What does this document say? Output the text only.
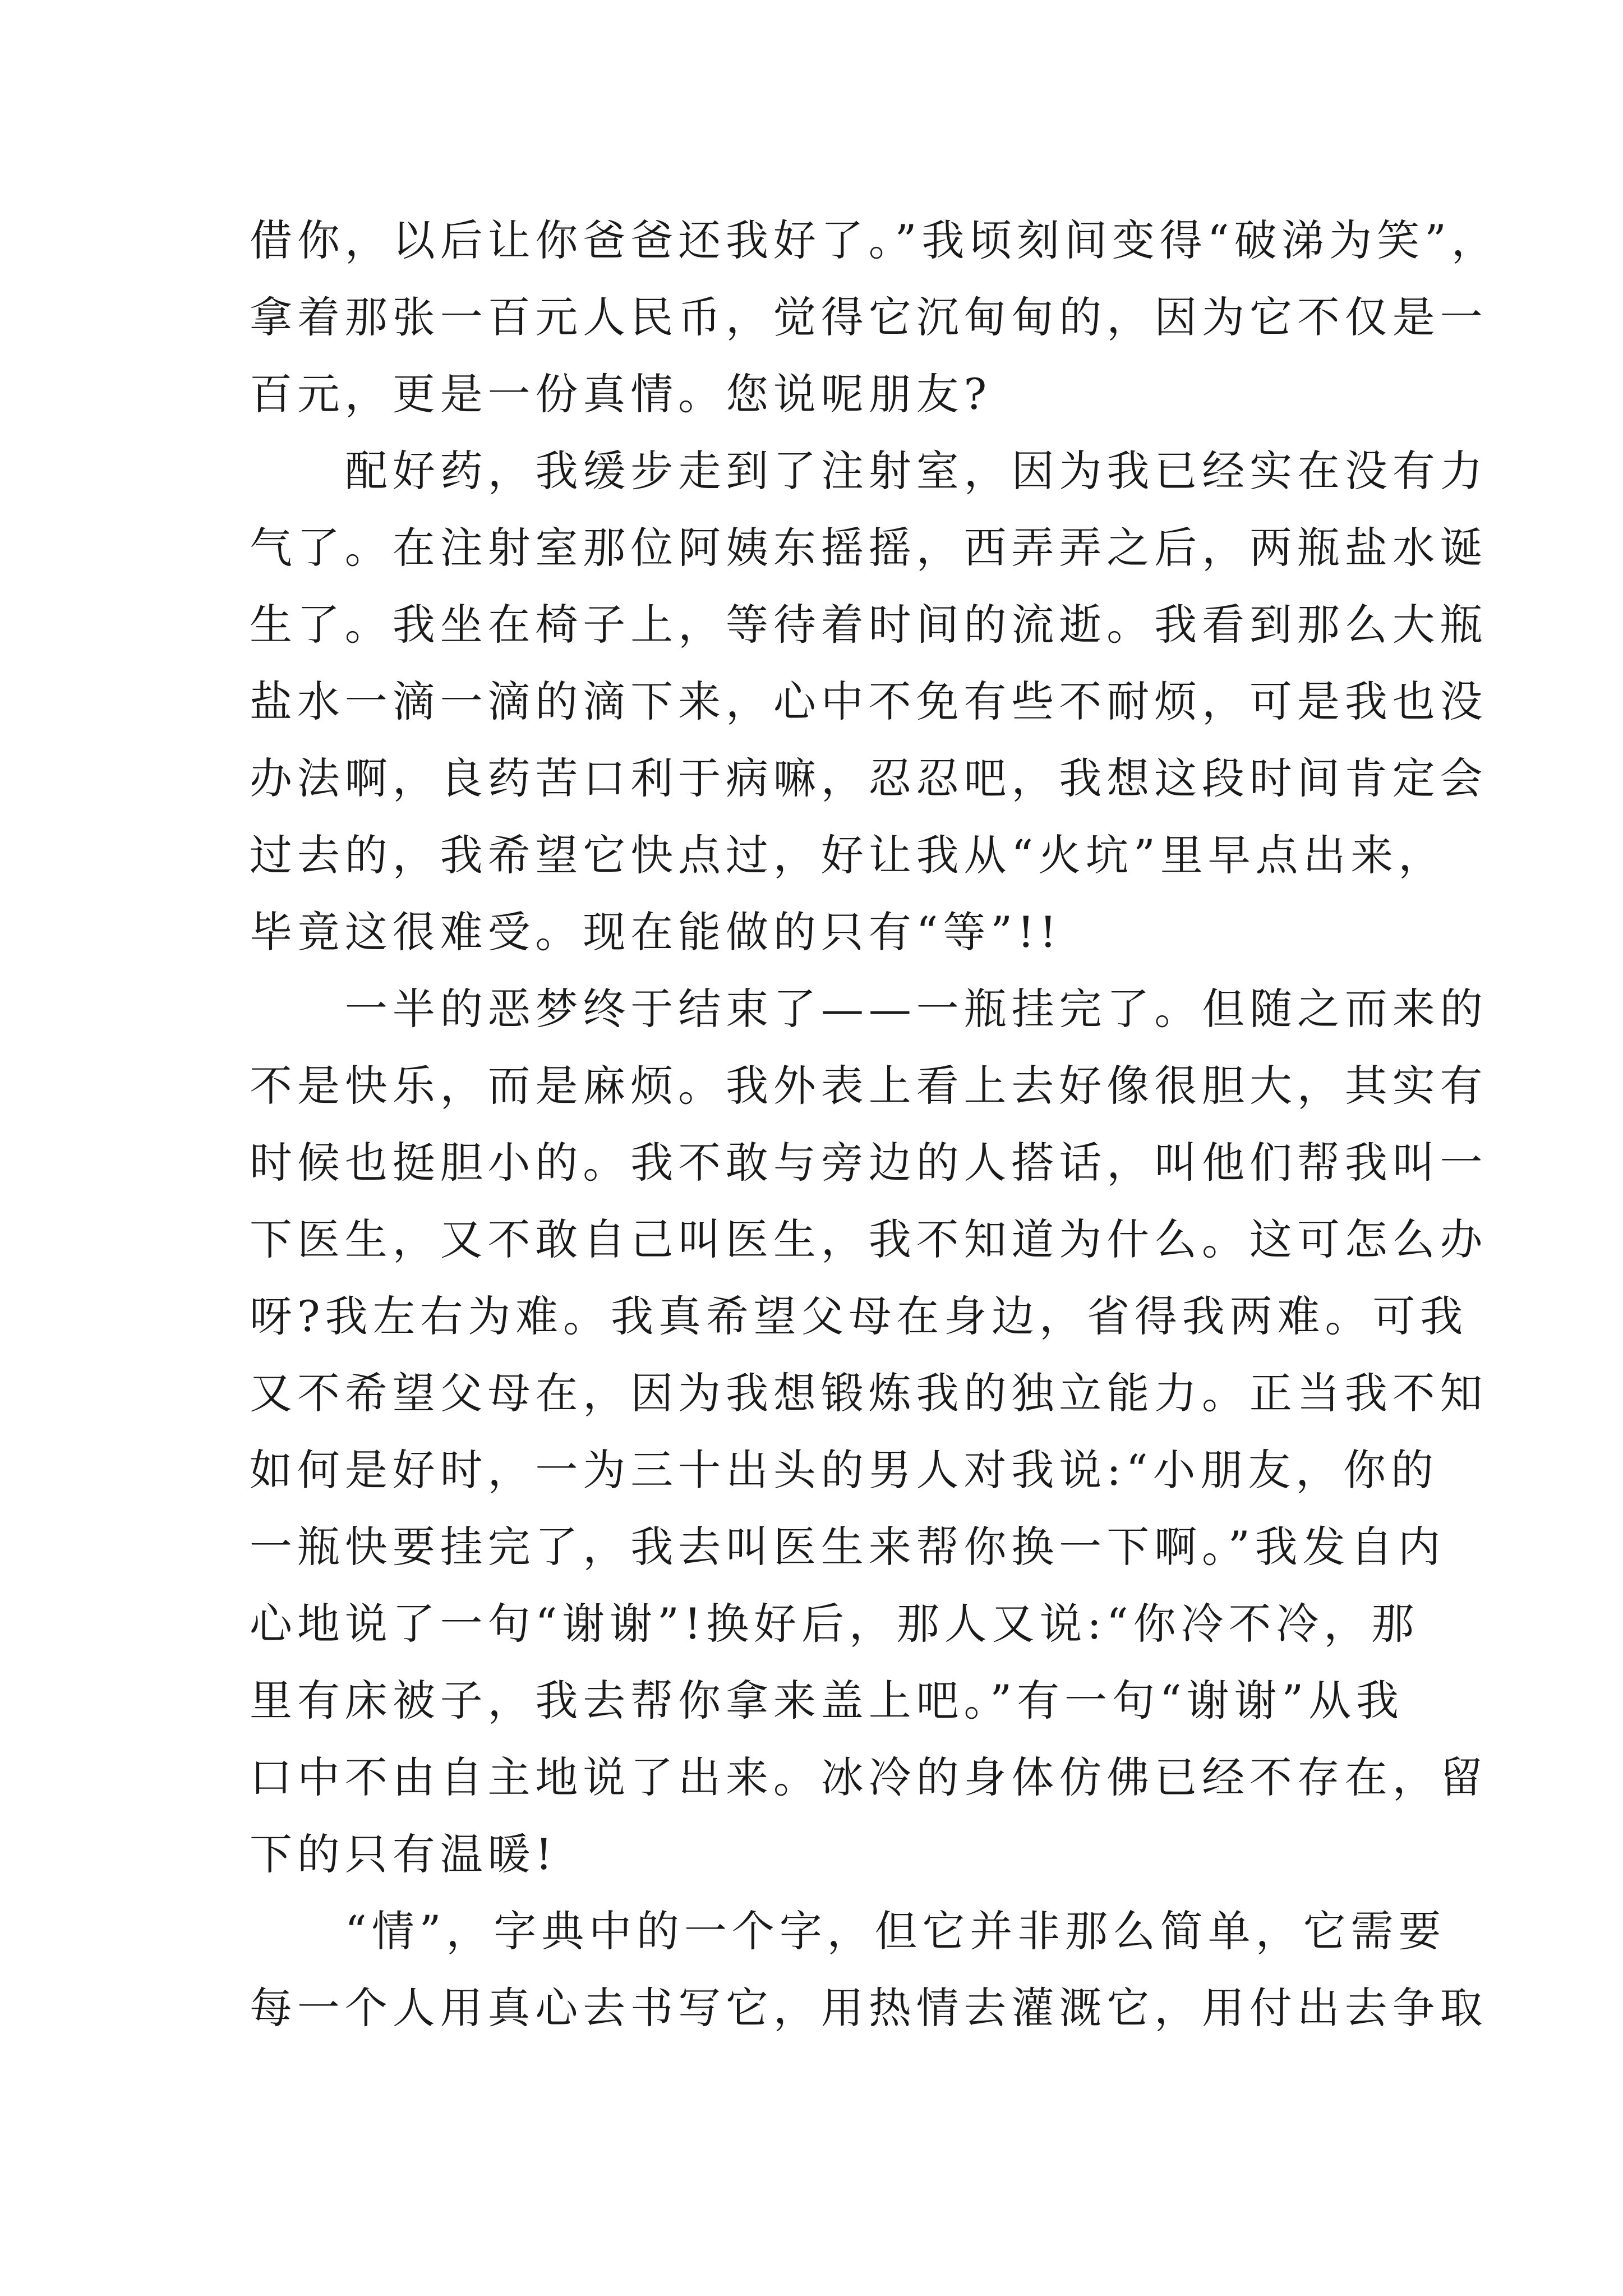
借你，以后让你爸爸还我好了。”我顷刻间变得“破涕为笑”，
拿着那张一百元人民币，觉得它沉甸甸的，因为它不仅是一
百元，更是一份真情。您说呢朋友?
配好药，我缓步走到了注射室，因为我已经实在没有力
气了。在注射室那位阿姨东摇摇，西弄弄之后，两瓶盐水诞
生了。我坐在椅子上，等待着时间的流逝。我看到那么大瓶
盐水一滴一滴的滴下来，心中不免有些不耐烦，可是我也没
办法啊，良药苦口利于病嘛，忍忍吧，我想这段时间肯定会
过去的，我希望它快点过，好让我从“火坑”里早点出来，
毕竟这很难受。现在能做的只有“等”!!
一半的恶梦终于结束了——一瓶挂完了。但随之而来的
不是快乐，而是麻烦。我外表上看上去好像很胆大，其实有
时候也挺胆小的。我不敢与旁边的人搭话，叫他们帮我叫一
下医生，又不敢自己叫医生，我不知道为什么。这可怎么办
呀?我左右为难。我真希望父母在身边，省得我两难。可我
又不希望父母在，因为我想锻炼我的独立能力。正当我不知
如何是好时，一为三十出头的男人对我说:“小朋友，你的
一瓶快要挂完了，我去叫医生来帮你换一下啊。”我发自内
心地说了一句“谢谢”!换好后，那人又说:“你冷不冷，那
里有床被子，我去帮你拿来盖上吧。”有一句“谢谢”从我
口中不由自主地说了出来。冰冷的身体仿佛已经不存在，留
下的只有温暖!
“情”，字典中的一个字，但它并非那么简单，它需要
每一个人用真心去书写它，用热情去灌溉它，用付出去争取
